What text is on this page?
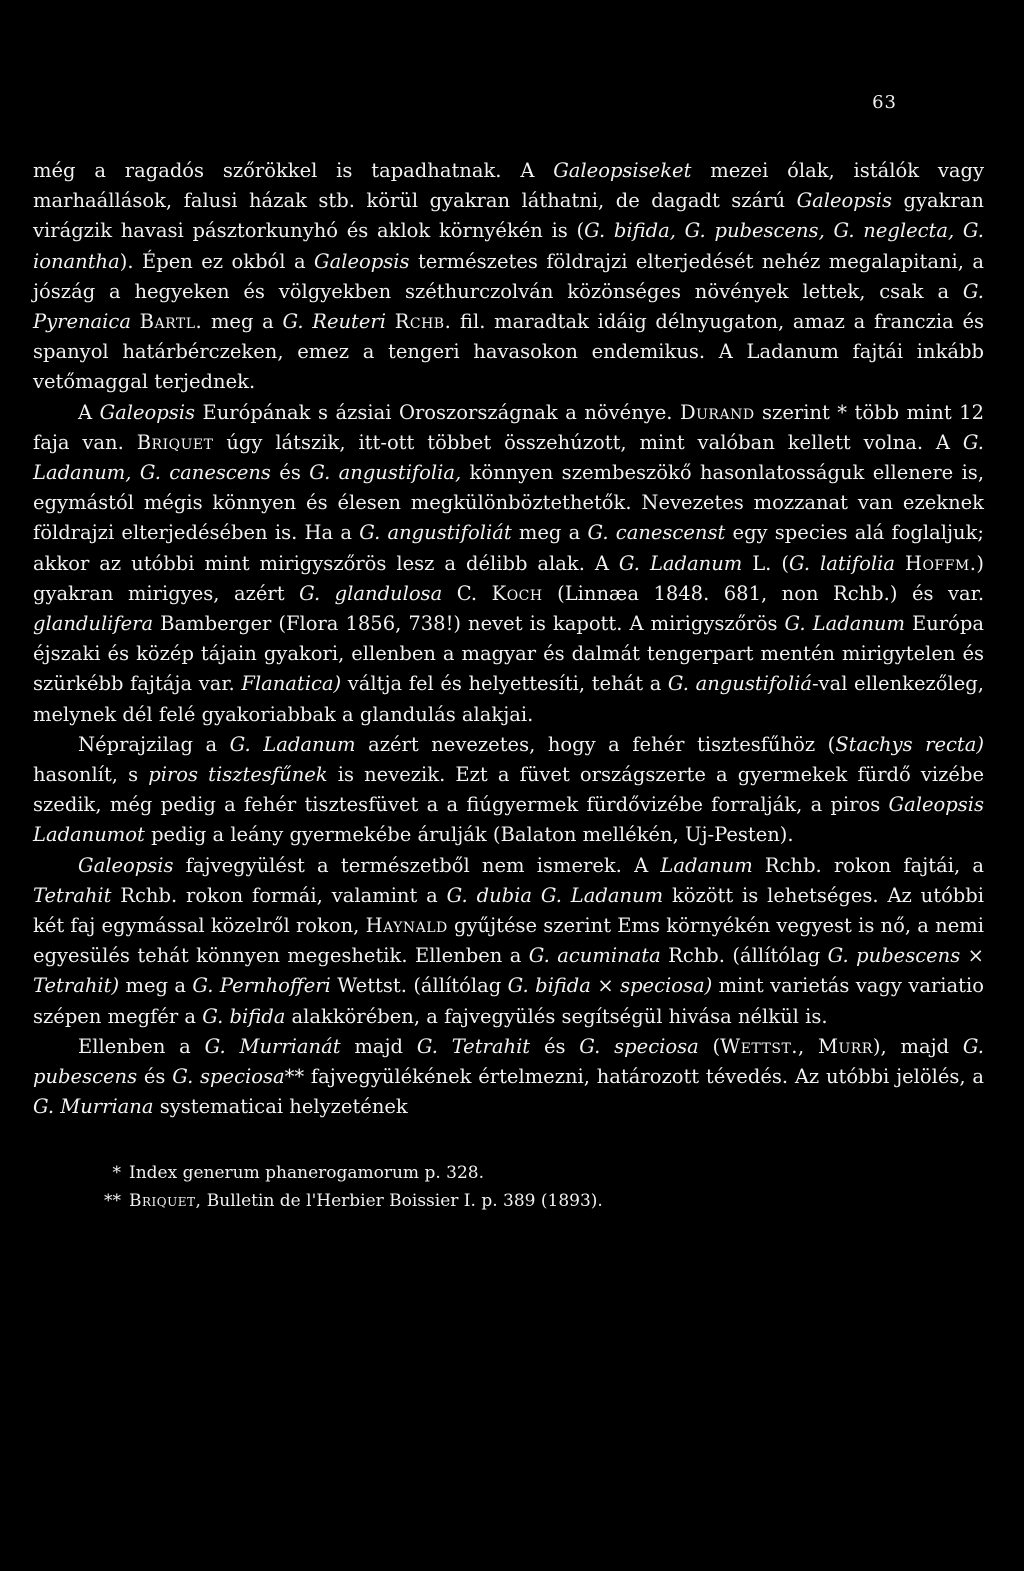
63

még a ragadós szőrökkel is tapadhatnak. A Galeopsiseket mezei ólak, istálók vagy marhaállások, falusi házak stb. körül gyakran láthatni, de dagadt szárú Galeopsis gyakran virágzik havasi pásztorkunyhó és aklok környékén is (G. bifida, G. pubescens, G. neglecta, G. ionantha). Épen ez okból a Galeopsis természetes földrajzi elterjedését nehéz megalapitani, a jószág a hegyeken és völgyekben széthurczolván közönséges növények lettek, csak a G. Pyrenaica Bartl. meg a G. Reuteri Rchb. fil. maradtak idáig délnyugaton, amaz a franczia és spanyol határbérczeken, emez a tengeri havasokon endemikus. A Ladanum fajtái inkább vetőmaggal terjednek.

A Galeopsis Európának s ázsiai Oroszországnak a növénye. Durand szerint * több mint 12 faja van. Briquet úgy látszik, itt-ott többet összehúzott, mint valóban kellett volna. A G. Ladanum, G. canescens és G. angustifolia, könnyen szembeszökő hasonlatosságuk ellenere is, egymástól mégis könnyen és élesen megkülönböztethetők. Nevezetes mozzanat van ezeknek földrajzi elterjedésében is. Ha a G. angustifoliát meg a G. canescenst egy species alá foglaljuk; akkor az utóbbi mint mirigyszőrös lesz a délibb alak. A G. Ladanum L. (G. latifolia Hoffm.) gyakran mirigyes, azért G. glandulosa C. Koch (Linnæa 1848. 681, non Rchb.) és var. glandulifera Bamberger (Flora 1856, 738!) nevet is kapott. A mirigyszőrös G. Ladanum Európa éjszaki és közép tájain gyakori, ellenben a magyar és dalmát tengerpart mentén mirigytelen és szürkébb fajtája var. Flanatica) váltja fel és helyettesíti, tehát a G. angustifoliá-val ellenkezőleg, melynek dél felé gyakoriabbak a glandulás alakjai.

Néprajzilag a G. Ladanum azért nevezetes, hogy a fehér tisztesfűhöz (Stachys recta) hasonlít, s piros tisztesfűnek is nevezik. Ezt a füvet országszerte a gyermekek fürdő vizébe szedik, még pedig a fehér tisztesfüvet a a fiúgyermek fürdővizébe forralják, a piros Galeopsis Ladanumot pedig a leány gyermekébe árulják (Balaton mellékén, Uj-Pesten).

Galeopsis fajvegyülést a természetből nem ismerek. A Ladanum Rchb. rokon fajtái, a Tetrahit Rchb. rokon formái, valamint a G. dubia G. Ladanum között is lehetséges. Az utóbbi két faj egymással közelről rokon, Haynald gyűjtése szerint Ems környékén vegyest is nő, a nemi egyesülés tehát könnyen megeshetik. Ellenben a G. acuminata Rchb. (állítólag G. pubescens × Tetrahit) meg a G. Pernhofferi Wettst. (állítólag G. bifida × speciosa) mint varietás vagy variatio szépen megfér a G. bifida alakkörében, a fajvegyülés segítségül hivása nélkül is.

Ellenben a G. Murrianát majd G. Tetrahit és G. speciosa (Wettst., Murr), majd G. pubescens és G. speciosa** fajvegyülékének értelmezni, határozott tévedés. Az utóbbi jelölés, a G. Murriana systematicai helyzetének

* Index generum phanerogamorum p. 328.

** Briquet, Bulletin de l'Herbier Boissier I. p. 389 (1893).
